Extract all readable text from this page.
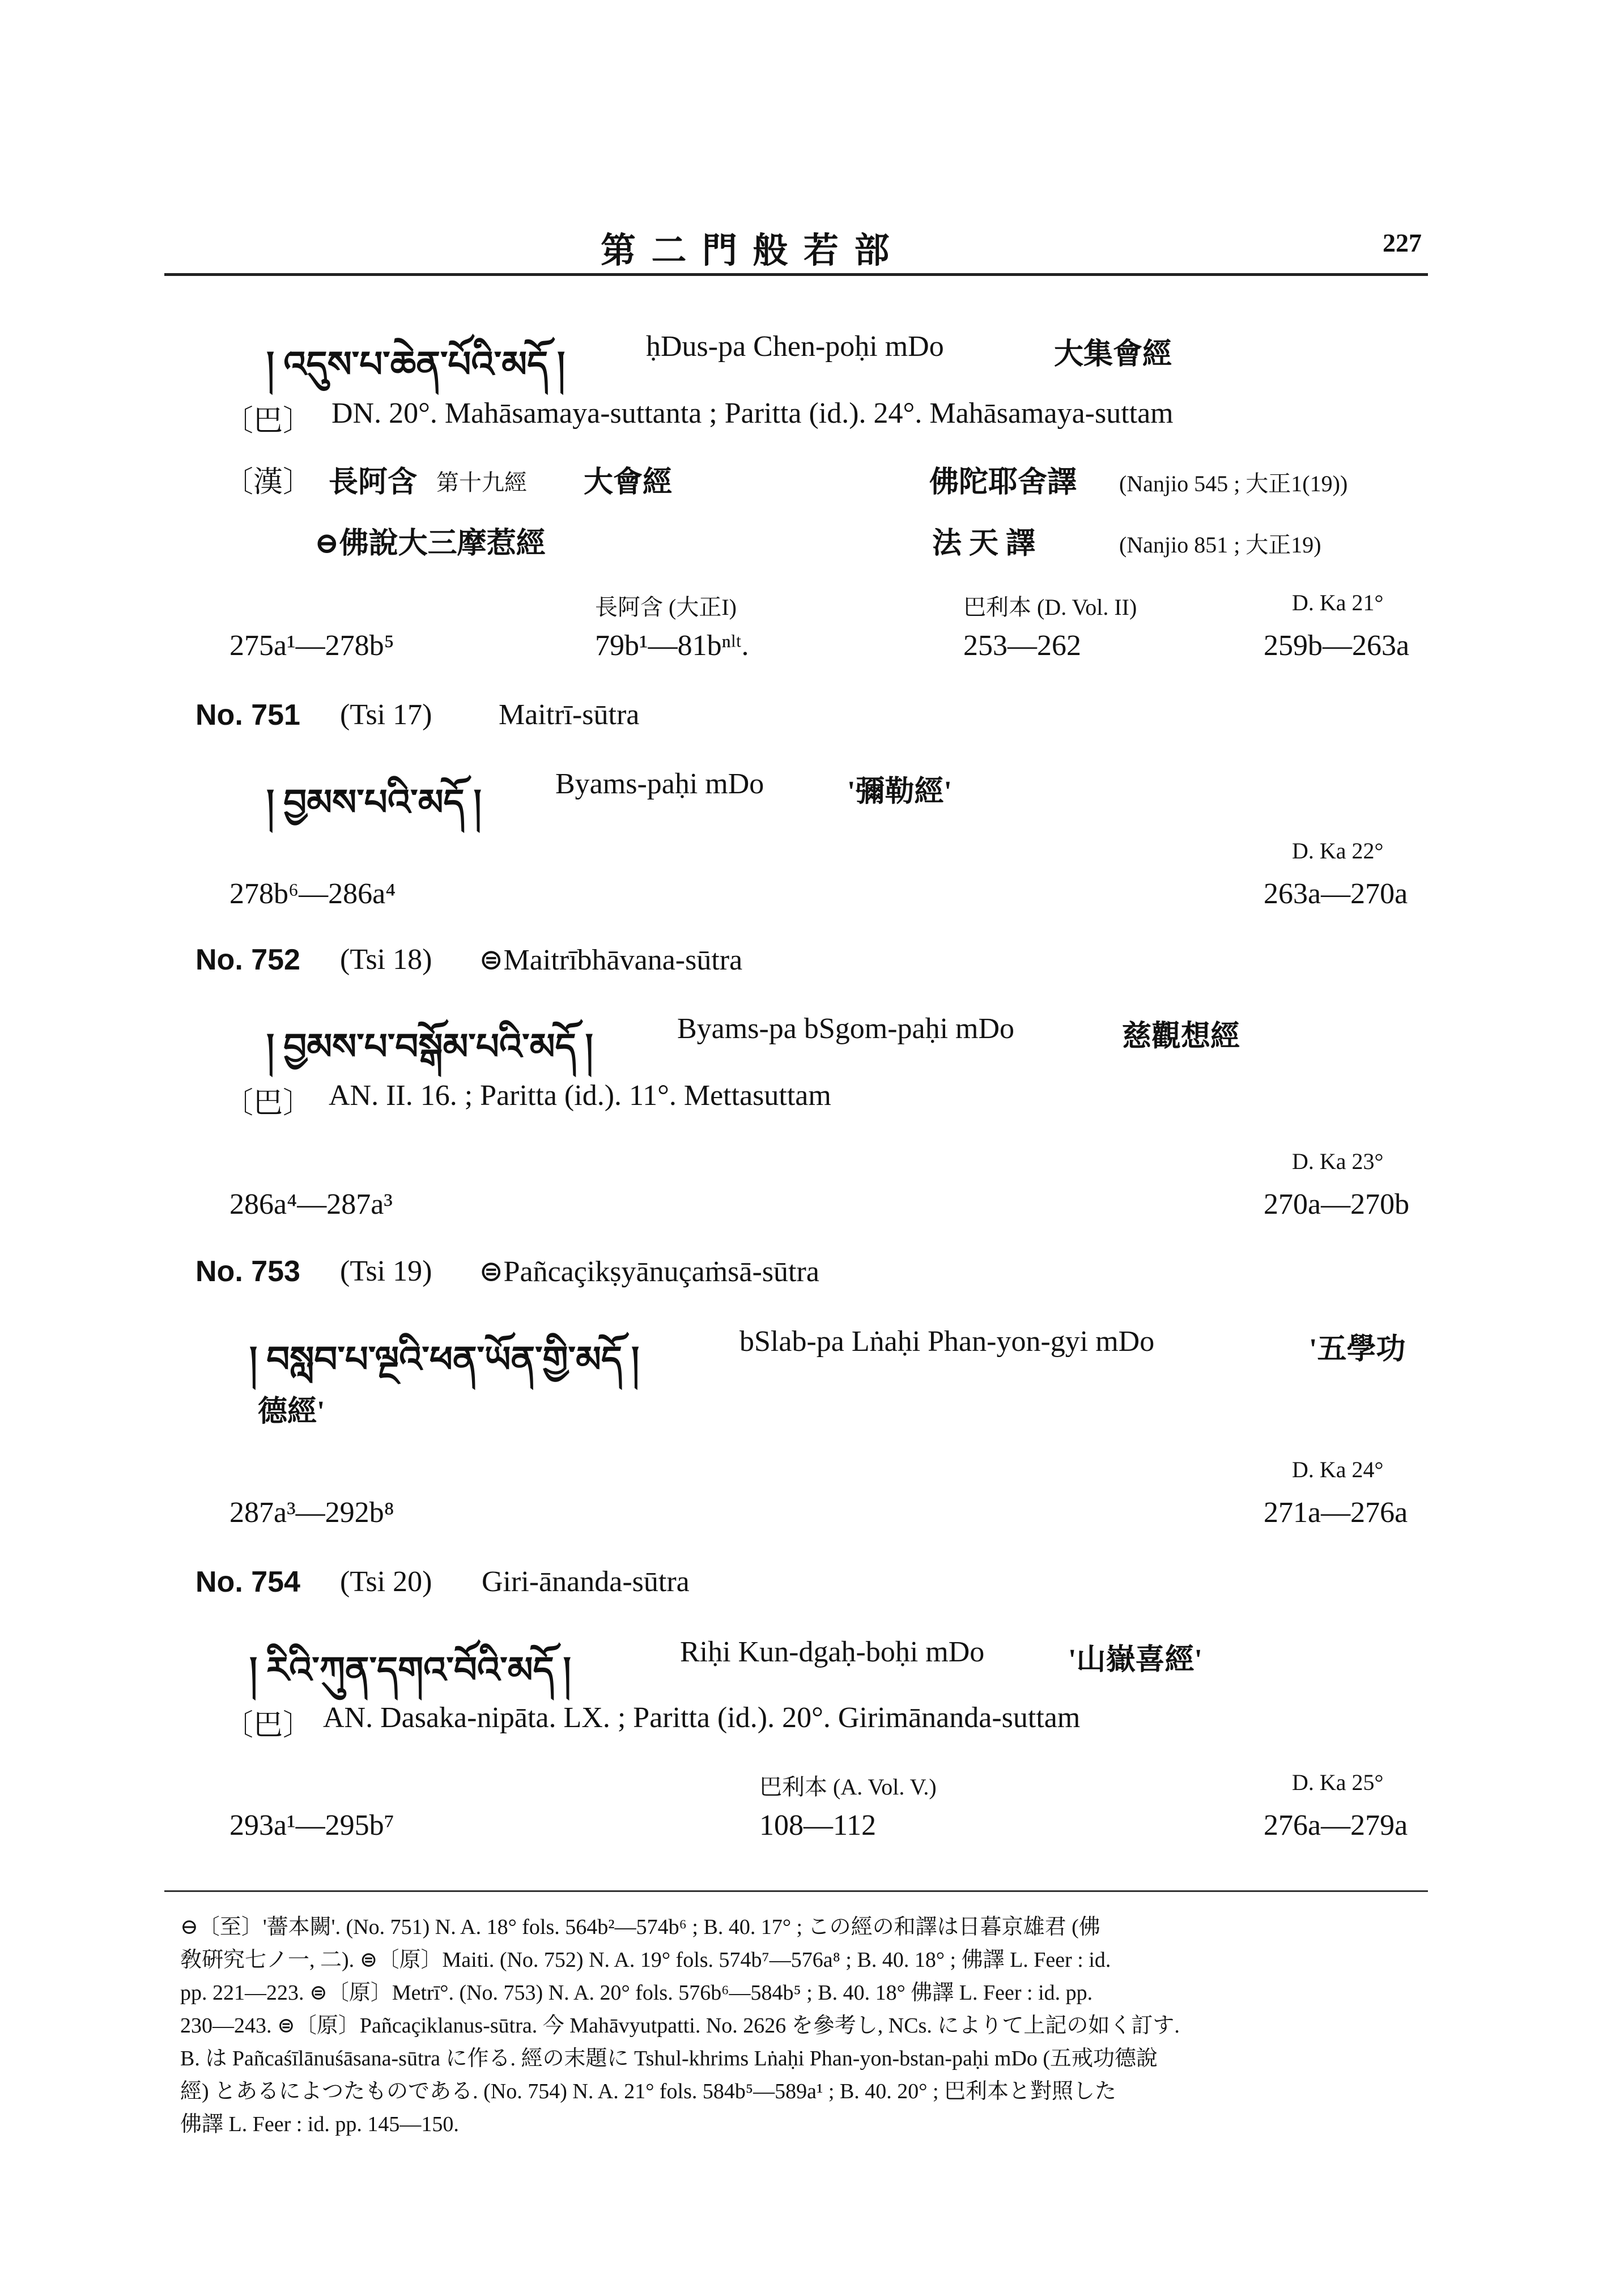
第 二 門 般 若 部	227
། འདུས་པ་ཆེན་པོའི་མདོ །	ḥDus-pa Chen-poḥi mDo	大集會經
〔巴〕 DN. 20°. Mahāsamaya-suttanta ; Paritta (id.). 24°. Mahāsamaya-suttam
〔漢〕 長阿含 第十九經 大會經	佛陀耶舍譯 (Nanjio 545 ; 大正1(19))
⊖佛說大三摩惹經	法 天 譯	(Nanjio 851 ; 大正19)
長阿含 (大正I)	巴利本 (D. Vol. II)	D. Ka 21°
275a¹—278b⁵	79b¹—81bⁿˡᵗ.	253—262	259b—263a
No. 751 (Tsi 17) Maitrī-sūtra
། བྱམས་པའི་མདོ །	Byams-paḥi mDo	'彌勒經'
D. Ka 22°
278b⁶—286a⁴	263a—270a
No. 752 (Tsi 18) ⊜Maitrībhāvana-sūtra
། བྱམས་པ་བསྒོམ་པའི་མདོ །	Byams-pa bSgom-paḥi mDo	慈觀想經
〔巴〕 AN. II. 16. ; Paritta (id.). 11°. Mettasuttam
D. Ka 23°
286a⁴—287a³	270a—270b
No. 753 (Tsi 19) ⊜Pañcaçikṣyānuçaṁsā-sūtra
། བསླབ་པ་ལྔའི་ཕན་ཡོན་གྱི་མདོ །	bSlab-pa Lṅaḥi Phan-yon-gyi mDo	'五學功
德經'
D. Ka 24°
287a³—292b⁸	271a—276a
No. 754 (Tsi 20) Giri-ānanda-sūtra
། རིའི་ཀུན་དགའ་བོའི་མདོ །	Riḥi Kun-dgaḥ-boḥi mDo	'山嶽喜經'
〔巴〕 AN. Dasaka-nipāta. LX. ; Paritta (id.). 20°. Girimānanda-suttam
巴利本 (A. Vol. V.)	D. Ka 25°
293a¹—295b⁷	108—112	276a—279a
⊖〔至〕'薔本闕'. (No. 751) N. A. 18° fols. 564b²—574b⁶ ; B. 40. 17° ; この經の和譯は日暮京雄君 (佛
敎硏究七ノ一, 二). ⊜〔原〕Maiti. (No. 752) N. A. 19° fols. 574b⁷—576a⁸ ; B. 40. 18° ; 佛譯 L. Feer : id.
pp. 221—223. ⊜〔原〕Metrī°. (No. 753) N. A. 20° fols. 576b⁶—584b⁵ ; B. 40. 18° 佛譯 L. Feer : id. pp.
230—243. ⊜〔原〕Pañcaçiklanus-sūtra. 今 Mahāvyutpatti. No. 2626 を參考し, NCs. によりて上記の如く訂す.
B. は Pañcaśīlānuśāsana-sūtra に作る. 經の末題に Tshul-khrims Lṅaḥi Phan-yon-bstan-paḥi mDo (五戒功德說
經) とあるによつたものである. (No. 754) N. A. 21° fols. 584b⁵—589a¹ ; B. 40. 20° ; 巴利本と對照した
佛譯 L. Feer : id. pp. 145—150.
